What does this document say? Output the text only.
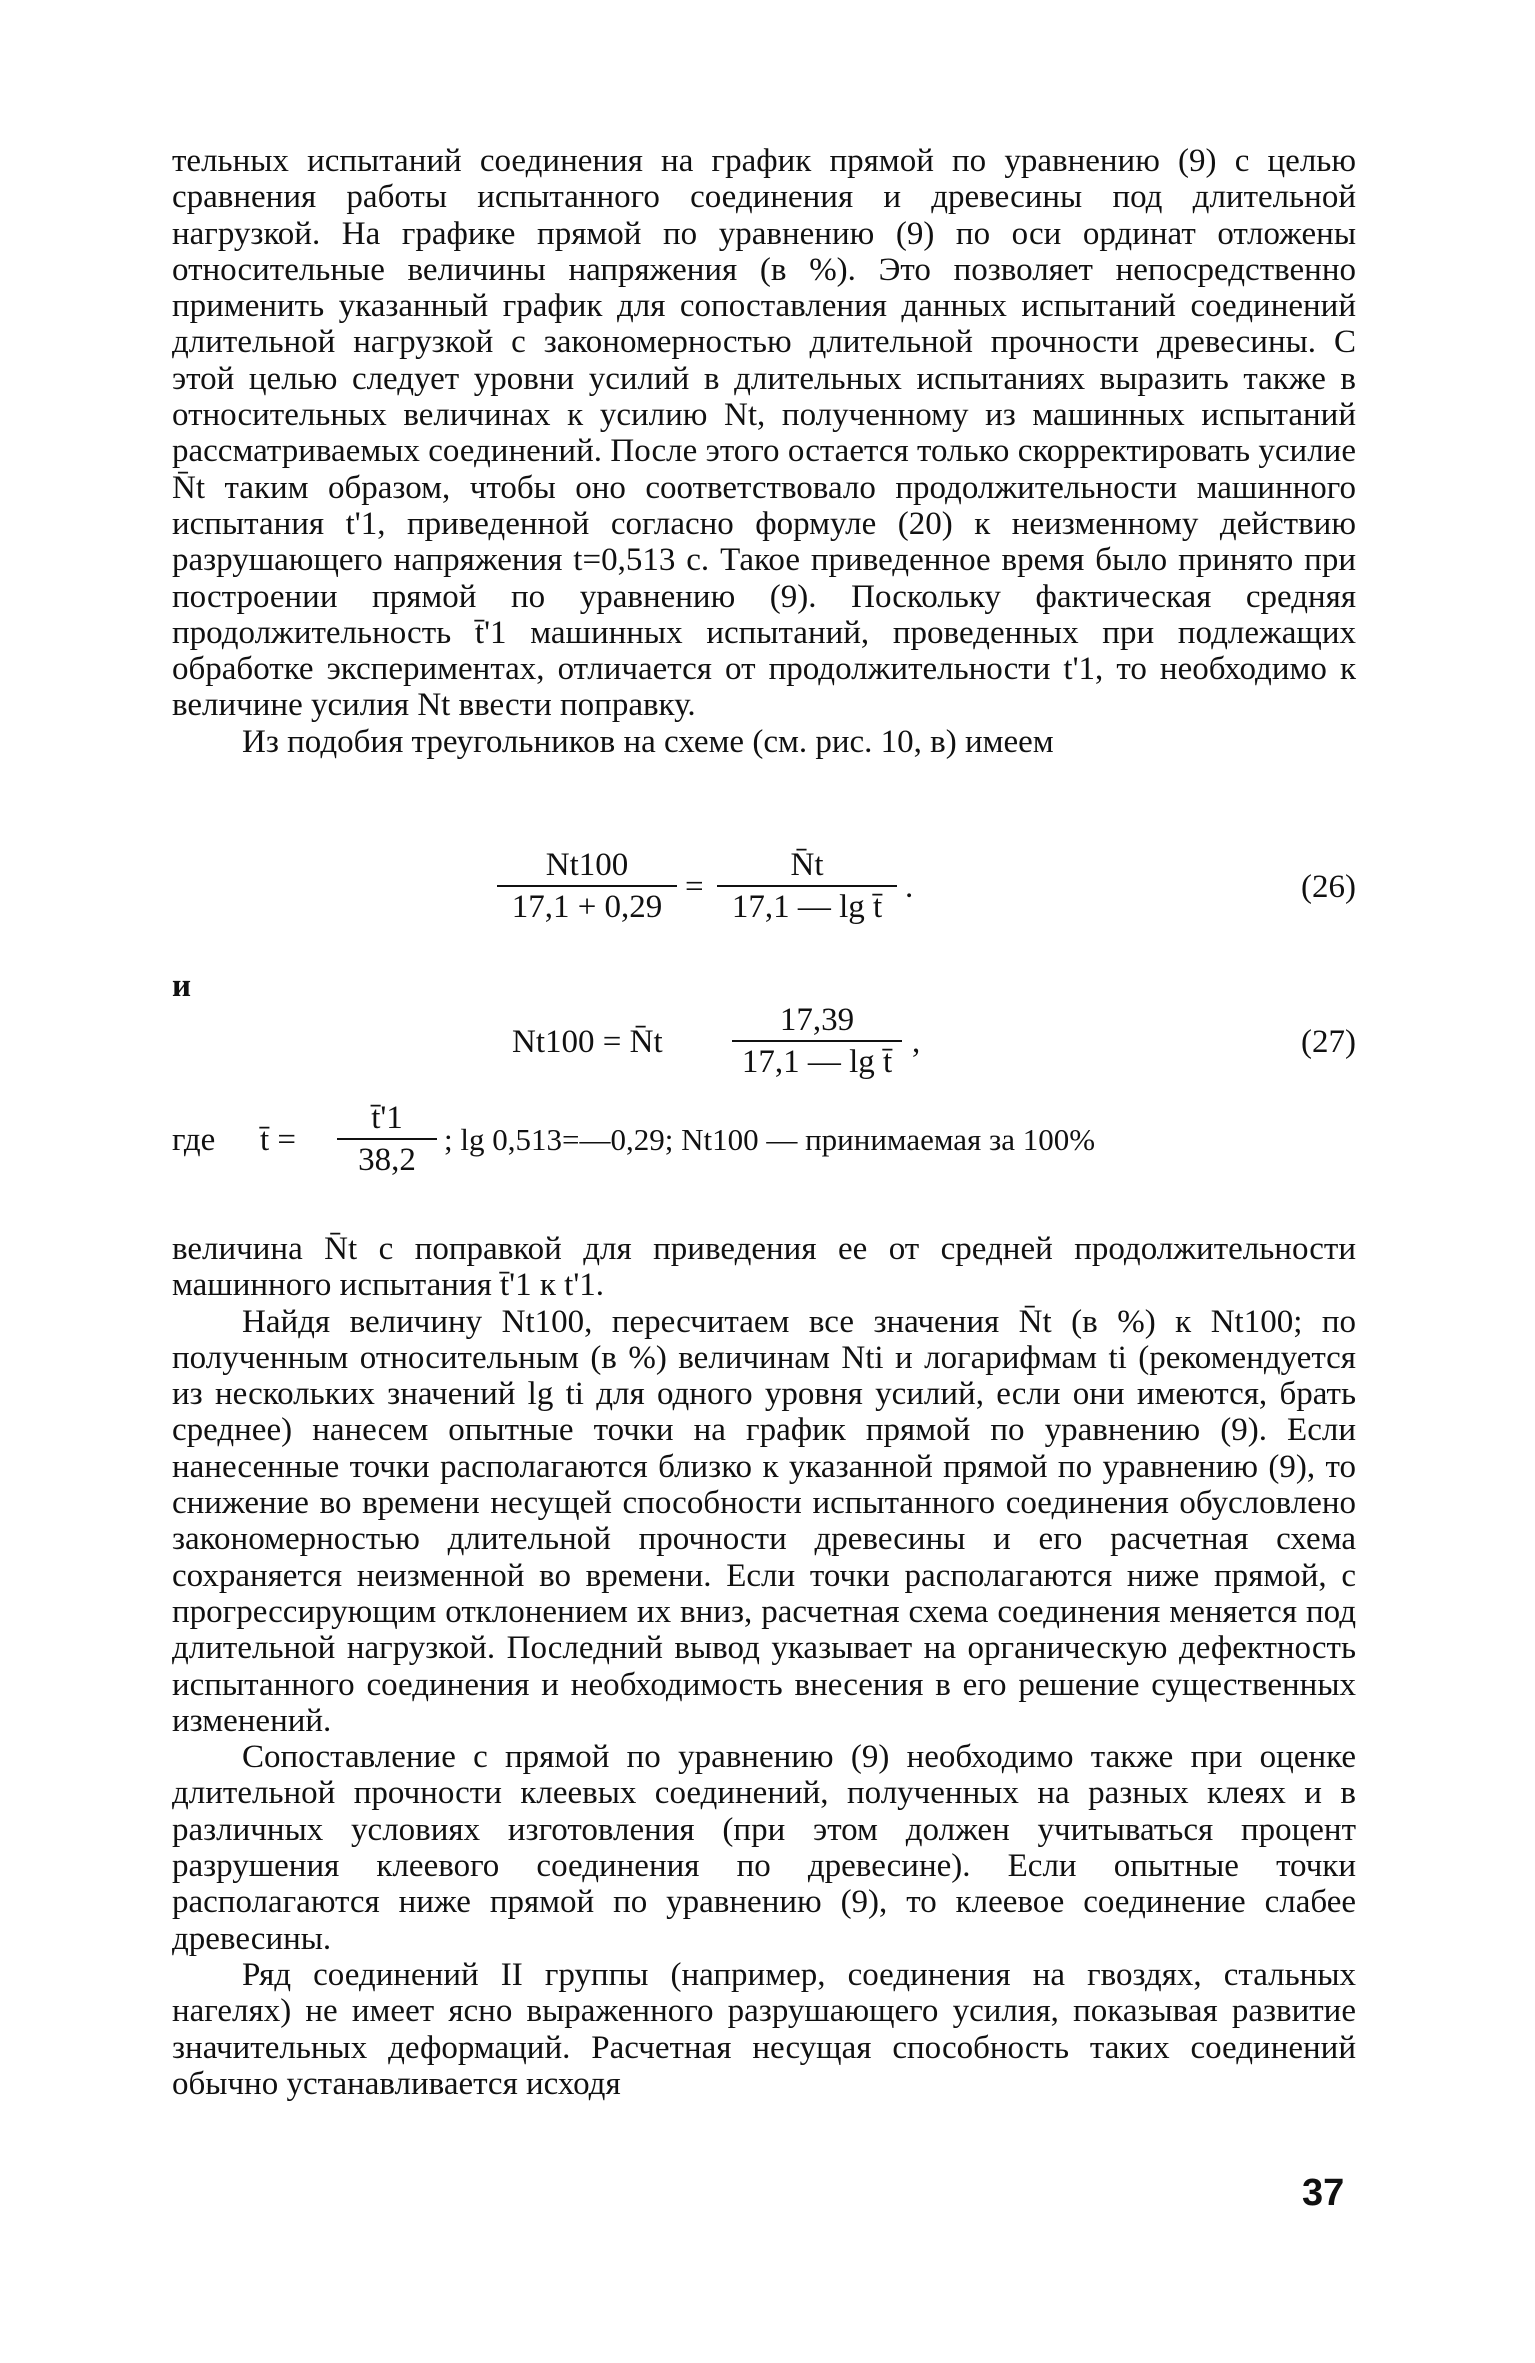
тельных испытаний соединения на график прямой по уравнению (9) с целью сравнения работы испытанного соединения и древесины под длительной нагрузкой. На графике прямой по уравнению (9) по оси ординат отложены относительные величины напряжения (в %). Это позволяет непосредственно применить указанный график для сопоставления данных испытаний соединений длительной нагрузкой с закономерностью длительной прочности древесины. С этой целью следует уровни усилий в длительных испытаниях выразить также в относительных величинах к усилию Nt, полученному из машинных испытаний рассматриваемых соединений. После этого остается только скорректировать усилие N̄t таким образом, чтобы оно соответствовало продолжительности машинного испытания t'1, приведенной согласно формуле (20) к неизменному действию разрушающего напряжения t=0,513 с. Такое приведенное время было принято при построении прямой по уравнению (9). Поскольку фактическая средняя продолжительность t̄'1 машинных испытаний, проведенных при подлежащих обработке экспериментах, отличается от продолжительности t'1, то необходимо к величине усилия Nt ввести поправку.

Из подобия треугольников на схеме (см. рис. 10, в) имеем

$\frac{Nt100}{17,1 + 0,29} = \frac{N̄t}{\text{17,1 — lg t̄}}$ .	(26)
и
Nt100 = N̄t $\frac{17,39}{\text{17,1 — lg t̄}}$ ,	(27)
где t̄ = $\frac{t̄'1}{38,2}$ ; lg 0,513=—0,29; Nt100 — принимаемая за 100%

величина N̄t с поправкой для приведения ее от средней продолжительности машинного испытания t̄'1 к t'1.

Найдя величину Nt100, пересчитаем все значения N̄t (в %) к Nt100; по полученным относительным (в %) величинам Nti и логарифмам ti (рекомендуется из нескольких значений lg ti для одного уровня усилий, если они имеются, брать среднее) нанесем опытные точки на график прямой по уравнению (9). Если нанесенные точки располагаются близко к указанной прямой по уравнению (9), то снижение во времени несущей способности испытанного соединения обусловлено закономерностью длительной прочности древесины и его расчетная схема сохраняется неизменной во времени. Если точки располагаются ниже прямой, с прогрессирующим отклонением их вниз, расчетная схема соединения меняется под длительной нагрузкой. Последний вывод указывает на органическую дефектность испытанного соединения и необходимость внесения в его решение существенных изменений.

Сопоставление с прямой по уравнению (9) необходимо также при оценке длительной прочности клеевых соединений, полученных на разных клеях и в различных условиях изготовления (при этом должен учитываться процент разрушения клеевого соединения по древесине). Если опытные точки располагаются ниже прямой по уравнению (9), то клеевое соединение слабее древесины.

Ряд соединений II группы (например, соединения на гвоздях, стальных нагелях) не имеет ясно выраженного разрушающего усилия, показывая развитие значительных деформаций. Расчетная несущая способность таких соединений обычно устанавливается исходя

37
